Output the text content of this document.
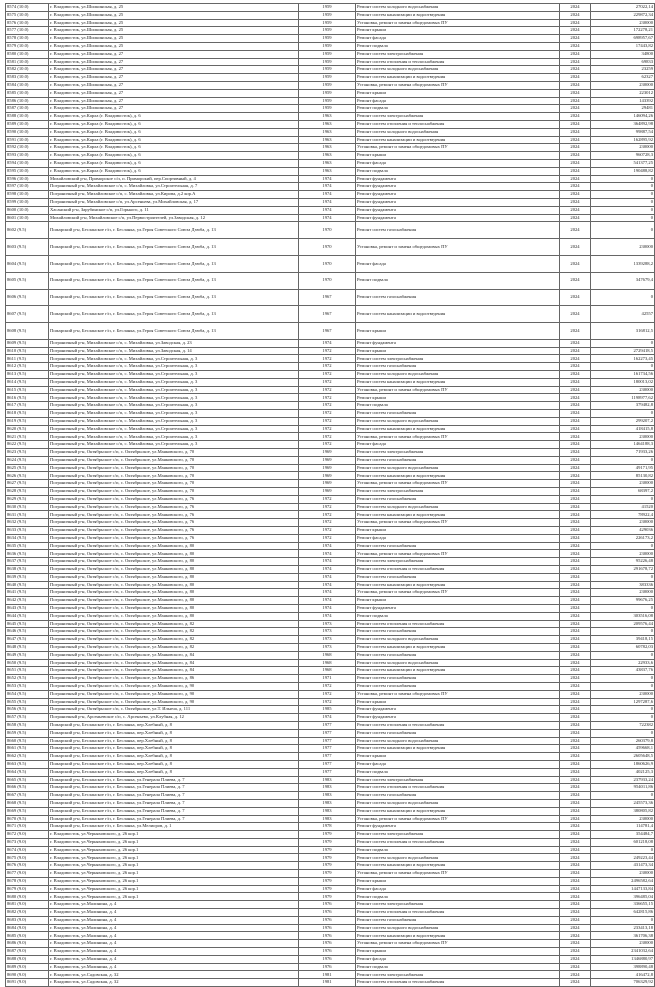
8574 (10.0)	г. Владивосток, ул.Шилкинская, д. 25	1959	Ремонт систем холодного водоснабжения	2024	27022,14
8575 (10.0)	г. Владивосток, ул.Шилкинская, д. 25	1959	Ремонт систем канализации и водоотведения	2024	229872,34
8576 (10.0)	г. Владивосток, ул.Шилкинская, д. 25	1959	Установка, ремонт и замена общедомовых ПУ	2024	230000
8577 (10.0)	г. Владивосток, ул.Шилкинская, д. 25	1959	Ремонт крыши	2024	172278,21
8578 (10.0)	г. Владивосток, ул.Шилкинская, д. 25	1959	Ремонт фасада	2024	698957,67
8579 (10.0)	г. Владивосток, ул.Шилкинская, д. 25	1959	Ремонт подвала	2024	17443,82
8580 (10.0)	г. Владивосток, ул.Шилкинская, д. 27	1959	Ремонт систем электроснабжения	2024	34800
8581 (10.0)	г. Владивосток, ул.Шилкинская, д. 27	1959	Ремонт систем отопления и теплоснабжения	2024	69833
8582 (10.0)	г. Владивосток, ул.Шилкинская, д. 27	1959	Ремонт систем холодного водоснабжения	2024	23259
8583 (10.0)	г. Владивосток, ул.Шилкинская, д. 27	1959	Ремонт систем канализации и водоотведения	2024	62327
8584 (10.0)	г. Владивосток, ул.Шилкинская, д. 27	1959	Установка, ремонт и замена общедомовых ПУ	2024	230000
8585 (10.0)	г. Владивосток, ул.Шилкинская, д. 27	1959	Ремонт крыши	2024	223012
8586 (10.0)	г. Владивосток, ул.Шилкинская, д. 27	1959	Ремонт фасада	2024	143392
8587 (10.0)	г. Владивосток, ул.Шилкинская, д. 27	1959	Ремонт подвала	2024	29481
8588 (10.0)	г. Владивосток, ул.Карла (г. Владивосток), д. 6	1963	Ремонт систем электроснабжения	2024	146094,26
8589 (10.0)	г. Владивосток, ул.Карла (г. Владивосток), д. 6	1963	Ремонт систем отопления и теплоснабжения	2024	364892,98
8590 (10.0)	г. Владивосток, ул.Карла (г. Владивосток), д. 6	1963	Ремонт систем холодного водоснабжения	2024	99887,54
8591 (10.0)	г. Владивосток, ул.Карла (г. Владивосток), д. 6	1963	Ремонт систем канализации и водоотведения	2024	162895,92
8592 (10.0)	г. Владивосток, ул.Карла (г. Владивосток), д. 6	1963	Установка, ремонт и замена общедомовых ПУ	2024	230000
8593 (10.0)	г. Владивосток, ул.Карла (г. Владивосток), д. 6	1963	Ремонт крыши	2024	960728,3
8594 (10.0)	г. Владивосток, ул.Карла (г. Владивосток), д. 6	1963	Ремонт фасада	2024	541377,25
8595 (10.0)	г. Владивосток, ул.Карла (г. Владивосток), д. 6	1963	Ремонт подвала	2024	190488,82
8596 (10.0)	Михайловский р-н, Приморское с/п, п. Приморский, пер.Спортивный, д. 4	1974	Ремонт фундамента	2024	0
8597 (10.0)	Пограничный р-н, Михайловское с/п, с. Михайловка, ул.Строительная, д. 7	1974	Ремонт фундамента	2024	0
8598 (10.0)	Пограничный р-н, Михайловское с/п, с. Михайловка, ул.Кирова, д.2 кор.А	1974	Ремонт фундамента	2024	0
8599 (10.0)	Пограничный р-н, Михайловское с/п, ул.Арсеньева, ул.Михайловская, д. 17	1974	Ремонт фундамента	2024	0
8600 (10.0)	Хасанский р-н, Зарубинское с/п, ул.Горького, д. 11	1974	Ремонт фундамента	2024	0
8601 (10.0)	Михайловский р-н, Михайловское с/п, ул.Первостроителей, ул.Заводская, д. 12	1974	Ремонт фундамента	2024	0
8602 (9.5)	Пожарский р-н, Бесланское г/п, г. Бесланка, ул.Героя Советского Союза Дзюба, д. 13	1970	Ремонт систем газоснабжения	2024	0
8603 (9.5)	Пожарский р-н, Бесланское г/п, г. Бесланка, ул.Героя Советского Союза Дзюба, д. 13	1970	Установка, ремонт и замена общедомовых ПУ	2024	230000
8604 (9.5)	Пожарский р-н, Бесланское г/п, г. Бесланка, ул.Героя Советского Союза Дзюба, д. 13	1970	Ремонт фасада	2024	1339288,2
8605 (9.5)	Пожарский р-н, Бесланское г/п, г. Бесланка, ул.Героя Советского Союза Дзюба, д. 13	1970	Ремонт подвала	2024	347679,4
8606 (9.5)	Пожарский р-н, Бесланское г/п, г. Бесланка, ул.Героя Советского Союза Дзюба, д. 13	1967	Ремонт систем газоснабжения	2024	0
8607 (9.5)	Пожарский р-н, Бесланское г/п, г. Бесланка, ул.Героя Советского Союза Дзюба, д. 13	1967	Ремонт систем канализации и водоотведения	2024	42557
8608 (9.5)	Пожарский р-н, Бесланское г/п, г. Бесланка, ул.Героя Советского Союза Дзюба, д. 13	1967	Ремонт крыши	2024	316812,5
8609 (9.5)	Пограничный р-н, Михайловское с/п, с. Михайловка, ул.Заводская, д. 23	1974	Ремонт фундамента	2024	0
8610 (9.5)	Пограничный р-н, Михайловское с/п, с. Михайловка, ул.Заводская, д. 14	1972	Ремонт крыши	2024	2729418,5
8611 (9.5)	Пограничный р-н, Михайловское с/п, с. Михайловка, ул.Строительная, д. 3	1972	Ремонт систем электроснабжения	2024	162273,45
8612 (9.5)	Пограничный р-н, Михайловское с/п, с. Михайловка, ул.Строительная, д. 3	1972	Ремонт систем газоснабжения	2024	0
8613 (9.5)	Пограничный р-н, Михайловское с/п, с. Михайловка, ул.Строительная, д. 3	1972	Ремонт систем холодного водоснабжения	2024	161734,56
8614 (9.5)	Пограничный р-н, Михайловское с/п, с. Михайловка, ул.Строительная, д. 3	1972	Ремонт систем канализации и водоотведения	2024	180013,02
8615 (9.5)	Пограничный р-н, Михайловское с/п, с. Михайловка, ул.Строительная, д. 3	1972	Установка, ремонт и замена общедомовых ПУ	2024	230000
8616 (9.5)	Пограничный р-н, Михайловское с/п, с. Михайловка, ул.Строительная, д. 3	1972	Ремонт крыши	2024	1198977,62
8617 (9.5)	Пограничный р-н, Михайловское с/п, с. Михайловка, ул.Строительная, д. 3	1972	Ремонт подвала	2024	379482,8
8618 (9.5)	Пограничный р-н, Михайловское с/п, с. Михайловка, ул.Строительная, д. 3	1972	Ремонт систем газоснабжения	2024	0
8619 (9.5)	Пограничный р-н, Михайловское с/п, с. Михайловка, ул.Строительная, д. 3	1972	Ремонт систем холодного водоснабжения	2024	299207,2
8620 (9.5)	Пограничный р-н, Михайловское с/п, с. Михайловка, ул.Строительная, д. 3	1972	Ремонт систем канализации и водоотведения	2024	418415,8
8621 (9.5)	Пограничный р-н, Михайловское с/п, с. Михайловка, ул.Строительная, д. 3	1972	Установка, ремонт и замена общедомовых ПУ	2024	230000
8622 (9.5)	Пограничный р-н, Михайловское с/п, с. Михайловка, ул.Строительная, д. 3	1972	Ремонт фасада	2024	1464188,3
8623 (9.5)	Пограничный р-н, Октябрьское с/п, с. Октябрьское, ул.Маяковского, д. 70	1969	Ремонт систем электроснабжения	2024	71933,26
8624 (9.5)	Пограничный р-н, Октябрьское с/п, с. Октябрьское, ул.Маяковского, д. 70	1969	Ремонт систем газоснабжения	2024	0
8625 (9.5)	Пограничный р-н, Октябрьское с/п, с. Октябрьское, ул.Маяковского, д. 70	1969	Ремонт систем холодного водоснабжения	2024	49171,95
8626 (9.5)	Пограничный р-н, Октябрьское с/п, с. Октябрьское, ул.Маяковского, д. 70	1969	Ремонт систем канализации и водоотведения	2024	85130,82
8627 (9.5)	Пограничный р-н, Октябрьское с/п, с. Октябрьское, ул.Маяковского, д. 70	1969	Установка, ремонт и замена общедомовых ПУ	2024	230000
8628 (9.5)	Пограничный р-н, Октябрьское с/п, с. Октябрьское, ул.Маяковского, д. 70	1969	Ремонт систем электроснабжения	2024	68397,2
8629 (9.5)	Пограничный р-н, Октябрьское с/п, с. Октябрьское, ул.Маяковского, д. 76	1972	Ремонт систем газоснабжения	2024	0
8630 (9.5)	Пограничный р-н, Октябрьское с/п, с. Октябрьское, ул.Маяковского, д. 76	1972	Ремонт систем холодного водоснабжения	2024	41520
8631 (9.5)	Пограничный р-н, Октябрьское с/п, с. Октябрьское, ул.Маяковского, д. 76	1972	Ремонт систем канализации и водоотведения	2024	78922,4
8632 (9.5)	Пограничный р-н, Октябрьское с/п, с. Октябрьское, ул.Маяковского, д. 76	1972	Установка, ремонт и замена общедомовых ПУ	2024	230000
8633 (9.5)	Пограничный р-н, Октябрьское с/п, с. Октябрьское, ул.Маяковского, д. 76	1972	Ремонт крыши	2024	429036
8634 (9.5)	Пограничный р-н, Октябрьское с/п, с. Октябрьское, ул.Маяковского, д. 76	1972	Ремонт фасада	2024	226173,2
8635 (9.5)	Пограничный р-н, Октябрьское с/п, с. Октябрьское, ул.Маяковского, д. 80	1974	Ремонт систем газоснабжения	2024	0
8636 (9.5)	Пограничный р-н, Октябрьское с/п, с. Октябрьское, ул.Маяковского, д. 80	1974	Установка, ремонт и замена общедомовых ПУ	2024	230000
8637 (9.5)	Пограничный р-н, Октябрьское с/п, с. Октябрьское, ул.Маяковского, д. 80	1974	Ремонт систем электроснабжения	2024	95226,48
8638 (9.5)	Пограничный р-н, Октябрьское с/п, с. Октябрьское, ул.Маяковского, д. 80	1974	Ремонт систем отопления и теплоснабжения	2024	291678,72
8639 (9.5)	Пограничный р-н, Октябрьское с/п, с. Октябрьское, ул.Маяковского, д. 80	1974	Ремонт систем газоснабжения	2024	0
8640 (9.5)	Пограничный р-н, Октябрьское с/п, с. Октябрьское, ул.Маяковского, д. 80	1974	Ремонт систем канализации и водоотведения	2024	383336
8641 (9.5)	Пограничный р-н, Октябрьское с/п, с. Октябрьское, ул.Маяковского, д. 80	1974	Установка, ремонт и замена общедомовых ПУ	2024	230000
8642 (9.5)	Пограничный р-н, Октябрьское с/п, с. Октябрьское, ул.Маяковского, д. 80	1974	Ремонт крыши	2024	99676,25
8643 (9.5)	Пограничный р-н, Октябрьское с/п, с. Октябрьское, ул.Маяковского, д. 80	1974	Ремонт фундамента	2024	0
8644 (9.5)	Пограничный р-н, Октябрьское с/п, с. Октябрьское, ул.Маяковского, д. 80	1974	Ремонт подвала	2024	303516,08
8645 (9.5)	Пограничный р-н, Октябрьское с/п, с. Октябрьское, ул.Маяковского, д. 82	1973	Ремонт систем отопления и теплоснабжения	2024	209576,44
8646 (9.5)	Пограничный р-н, Октябрьское с/п, с. Октябрьское, ул.Маяковского, д. 82	1973	Ремонт систем газоснабжения	2024	0
8647 (9.5)	Пограничный р-н, Октябрьское с/п, с. Октябрьское, ул.Маяковского, д. 82	1973	Ремонт систем холодного водоснабжения	2024	39418,15
8648 (9.5)	Пограничный р-н, Октябрьское с/п, с. Октябрьское, ул.Маяковского, д. 82	1973	Ремонт систем канализации и водоотведения	2024	60782,03
8649 (9.5)	Пограничный р-н, Октябрьское с/п, с. Октябрьское, ул.Маяковского, д. 84	1968	Ремонт систем газоснабжения	2024	0
8650 (9.5)	Пограничный р-н, Октябрьское с/п, с. Октябрьское, ул.Маяковского, д. 84	1968	Ремонт систем холодного водоснабжения	2024	22933,6
8651 (9.5)	Пограничный р-н, Октябрьское с/п, с. Октябрьское, ул.Маяковского, д. 84	1968	Ремонт систем канализации и водоотведения	2024	43837,76
8652 (9.5)	Пограничный р-н, Октябрьское с/п, с. Октябрьское, ул.Маяковского, д. 86	1971	Ремонт систем газоснабжения	2024	0
8653 (9.5)	Пограничный р-н, Октябрьское с/п, с. Октябрьское, ул.Маяковского, д. 90	1972	Ремонт систем газоснабжения	2024	0
8654 (9.5)	Пограничный р-н, Октябрьское с/п, с. Октябрьское, ул.Маяковского, д. 90	1972	Установка, ремонт и замена общедомовых ПУ	2024	230000
8655 (9.5)	Пограничный р-н, Октябрьское с/п, с. Октябрьское, ул.Маяковского, д. 90	1972	Ремонт крыши	2024	1297287,6
8656 (9.5)	Пограничный р-н, Октябрьское с/п, с. Октябрьское, ул.Т. Ильича, д. 111	1985	Ремонт фундамента	2024	0
8657 (9.5)	Пограничный р-н, Арсеньевское с/п, с. Арсеньево, ул.Клубная, д. 12	1974	Ремонт фундамента	2024	0
8658 (9.5)	Пожарский р-н, Бесланское г/п, г. Бесланка, пер.Хлебный, д. 8	1977	Ремонт систем отопления и теплоснабжения	2024	722382
8659 (9.5)	Пожарский р-н, Бесланское г/п, г. Бесланка, пер.Хлебный, д. 8	1977	Ремонт систем газоснабжения	2024	0
8660 (9.5)	Пожарский р-н, Бесланское г/п, г. Бесланка, пер.Хлебный, д. 8	1977	Ремонт систем холодного водоснабжения	2024	260379,8
8661 (9.5)	Пожарский р-н, Бесланское г/п, г. Бесланка, пер.Хлебный, д. 8	1977	Ремонт систем канализации и водоотведения	2024	459668,1
8662 (9.5)	Пожарский р-н, Бесланское г/п, г. Бесланка, пер.Хлебный, д. 8	1977	Ремонт крыши	2024	2605648,5
8663 (9.5)	Пожарский р-н, Бесланское г/п, г. Бесланка, пер.Хлебный, д. 8	1977	Ремонт фасада	2024	1860626,9
8664 (9.5)	Пожарский р-н, Бесланское г/п, г. Бесланка, пер.Хлебный, д. 8	1977	Ремонт подвала	2024	402125,3
8665 (9.5)	Пожарский р-н, Бесланское г/п, г. Бесланка, ул.Генерала Плиева, д. 7	1983	Ремонт систем электроснабжения	2024	237933,24
8666 (9.5)	Пожарский р-н, Бесланское г/п, г. Бесланка, ул.Генерала Плиева, д. 7	1983	Ремонт систем отопления и теплоснабжения	2024	954011,86
8667 (9.5)	Пожарский р-н, Бесланское г/п, г. Бесланка, ул.Генерала Плиева, д. 7	1983	Ремонт систем газоснабжения	2024	0
8668 (9.5)	Пожарский р-н, Бесланское г/п, г. Бесланка, ул.Генерала Плиева, д. 7	1983	Ремонт систем холодного водоснабжения	2024	245573,36
8669 (9.5)	Пожарский р-н, Бесланское г/п, г. Бесланка, ул.Генерала Плиева, д. 7	1983	Ремонт систем канализации и водоотведения	2024	380805,82
8670 (9.5)	Пожарский р-н, Бесланское г/п, г. Бесланка, ул.Генерала Плиева, д. 7	1983	Установка, ремонт и замена общедомовых ПУ	2024	230000
8671 (9.0)	Пожарский р-н, Бесланское г/п, г. Бесланка, ул.Мелиоров, д. 1	1978	Ремонт фундамента	2024	114781,4
8672 (9.0)	г. Владивосток, ул.Черняховского, д. 26 кор.1	1979	Ремонт систем электроснабжения	2024	354484,7
8673 (9.0)	г. Владивосток, ул.Черняховского, д. 26 кор.1	1979	Ремонт систем отопления и теплоснабжения	2024	601218,08
8674 (9.0)	г. Владивосток, ул.Черняховского, д. 26 кор.1	1979	Ремонт подвала	2024	0
8675 (9.0)	г. Владивосток, ул.Черняховского, д. 26 кор.1	1979	Ремонт систем холодного водоснабжения	2024	249223,44
8676 (9.0)	г. Владивосток, ул.Черняховского, д. 26 кор.1	1979	Ремонт систем канализации и водоотведения	2024	431473,34
8677 (9.0)	г. Владивосток, ул.Черняховского, д. 26 кор.1	1979	Установка, ремонт и замена общедомовых ПУ	2024	230000
8678 (9.0)	г. Владивосток, ул.Черняховского, д. 26 кор.1	1979	Ремонт крыши	2024	2496582,64
8679 (9.0)	г. Владивосток, ул.Черняховского, д. 26 кор.1	1979	Ремонт фасада	2024	1447133,84
8680 (9.0)	г. Владивосток, ул.Черняховского, д. 26 кор.1	1979	Ремонт подвала	2024	396485,04
8681 (9.0)	г. Владивосток, ул.Малинина, д. 4	1976	Ремонт систем электроснабжения	2024	336655,15
8682 (9.0)	г. Владивосток, ул.Малинина, д. 4	1976	Ремонт систем отопления и теплоснабжения	2024	642815,86
8683 (9.0)	г. Владивосток, ул.Малинина, д. 4	1976	Ремонт систем газоснабжения	2024	0
8684 (9.0)	г. Владивосток, ул.Малинина, д. 4	1976	Ремонт систем холодного водоснабжения	2024	233413,18
8685 (9.0)	г. Владивосток, ул.Малинина, д. 4	1976	Ремонт систем канализации и водоотведения	2024	361706,38
8686 (9.0)	г. Владивосток, ул.Малинина, д. 4	1976	Установка, ремонт и замена общедомовых ПУ	2024	230000
8687 (9.0)	г. Владивосток, ул.Малинина, д. 4	1976	Ремонт крыши	2024	2341032,64
8688 (9.0)	г. Владивосток, ул.Малинина, д. 4	1976	Ремонт фасада	2024	1346880,97
8689 (9.0)	г. Владивосток, ул.Малинина, д. 4	1976	Ремонт подвала	2024	398890,48
8690 (9.0)	г. Владивосток, ул.Садовская, д. 32	1981	Ремонт систем электроснабжения	2024	416472,8
8691 (9.0)	г. Владивосток, ул.Садовская, д. 32	1981	Ремонт систем отопления и теплоснабжения	2024	706329,92
